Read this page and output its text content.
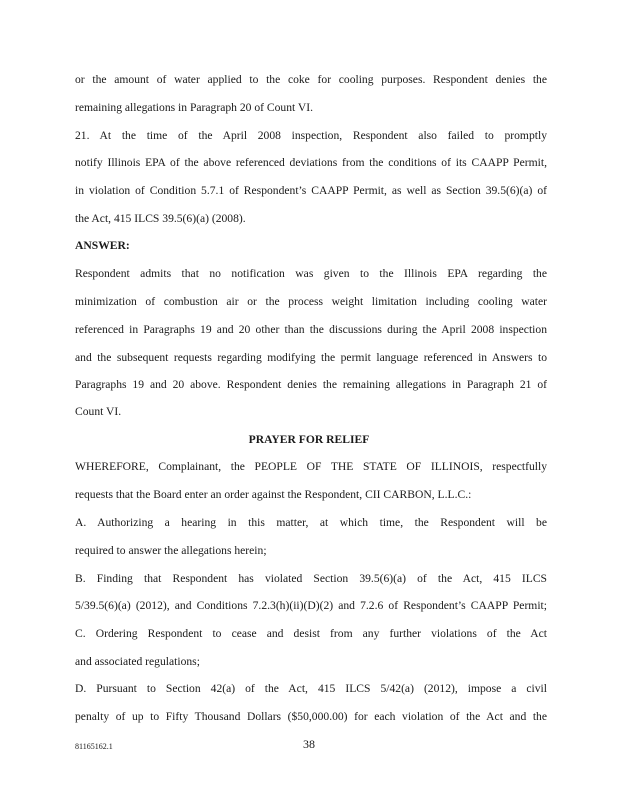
or the amount of water applied to the coke for cooling purposes. Respondent denies the
remaining allegations in Paragraph 20 of Count VI.
21. At the time of the April 2008 inspection, Respondent also failed to promptly
notify Illinois EPA of the above referenced deviations from the conditions of its CAAPP Permit,
in violation of Condition 5.7.1 of Respondent’s CAAPP Permit, as well as Section 39.5(6)(a) of
the Act, 415 ILCS 39.5(6)(a) (2008).
ANSWER:
Respondent admits that no notification was given to the Illinois EPA regarding the
minimization of combustion air or the process weight limitation including cooling water
referenced in Paragraphs 19 and 20 other than the discussions during the April 2008 inspection
and the subsequent requests regarding modifying the permit language referenced in Answers to
Paragraphs 19 and 20 above. Respondent denies the remaining allegations in Paragraph 21 of
Count VI.
PRAYER FOR RELIEF
WHEREFORE, Complainant, the PEOPLE OF THE STATE OF ILLINOIS, respectfully
requests that the Board enter an order against the Respondent, CII CARBON, L.L.C.:
A. Authorizing a hearing in this matter, at which time, the Respondent will be
required to answer the allegations herein;
B. Finding that Respondent has violated Section 39.5(6)(a) of the Act, 415 ILCS
5/39.5(6)(a) (2012), and Conditions 7.2.3(h)(ii)(D)(2) and 7.2.6 of Respondent’s CAAPP Permit;
C. Ordering Respondent to cease and desist from any further violations of the Act
and associated regulations;
D. Pursuant to Section 42(a) of the Act, 415 ILCS 5/42(a) (2012), impose a civil
penalty of up to Fifty Thousand Dollars ($50,000.00) for each violation of the Act and the
81165162.1	38
